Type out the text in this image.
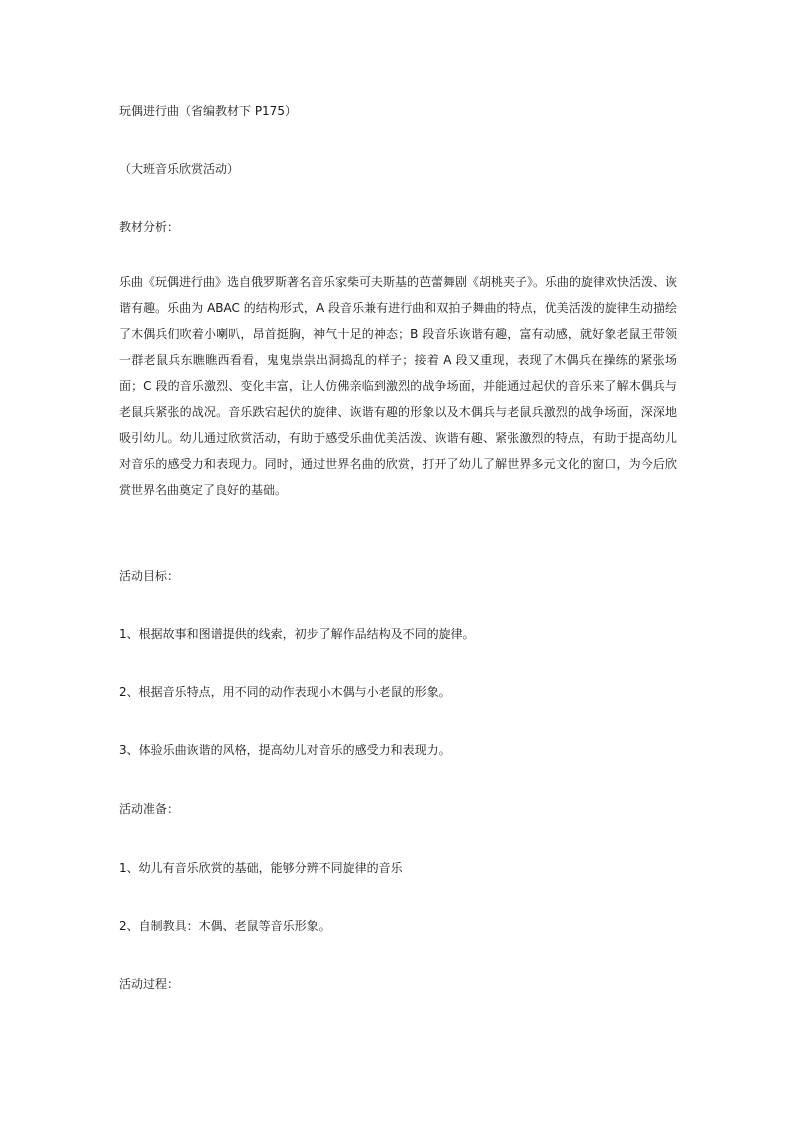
玩偶进行曲（省编教材下 P175）
（大班音乐欣赏活动）
教材分析：
乐曲《玩偶进行曲》选自俄罗斯著名音乐家柴可夫斯基的芭蕾舞剧《胡桃夹子》。乐曲的旋律欢快活泼、诙谐有趣。乐曲为 ABAC 的结构形式，A 段音乐兼有进行曲和双拍子舞曲的特点，优美活泼的旋律生动描绘了木偶兵们吹着小喇叭，昂首挺胸，神气十足的神态；B 段音乐诙谐有趣，富有动感，就好象老鼠王带领一群老鼠兵东瞧瞧西看看，鬼鬼祟祟出洞捣乱的样子；接着 A 段又重现，表现了木偶兵在操练的紧张场面；C 段的音乐激烈、变化丰富，让人仿佛亲临到激烈的战争场面，并能通过起伏的音乐来了解木偶兵与老鼠兵紧张的战况。音乐跌宕起伏的旋律、诙谐有趣的形象以及木偶兵与老鼠兵激烈的战争场面，深深地吸引幼儿。幼儿通过欣赏活动，有助于感受乐曲优美活泼、诙谐有趣、紧张激烈的特点，有助于提高幼儿对音乐的感受力和表现力。同时，通过世界名曲的欣赏，打开了幼儿了解世界多元文化的窗口，为今后欣赏世界名曲奠定了良好的基础。
活动目标：
1、根据故事和图谱提供的线索，初步了解作品结构及不同的旋律。
2、根据音乐特点，用不同的动作表现小木偶与小老鼠的形象。
3、体验乐曲诙谐的风格，提高幼儿对音乐的感受力和表现力。
活动准备：
1、幼儿有音乐欣赏的基础，能够分辨不同旋律的音乐
2、自制教具：木偶、老鼠等音乐形象。
活动过程：
